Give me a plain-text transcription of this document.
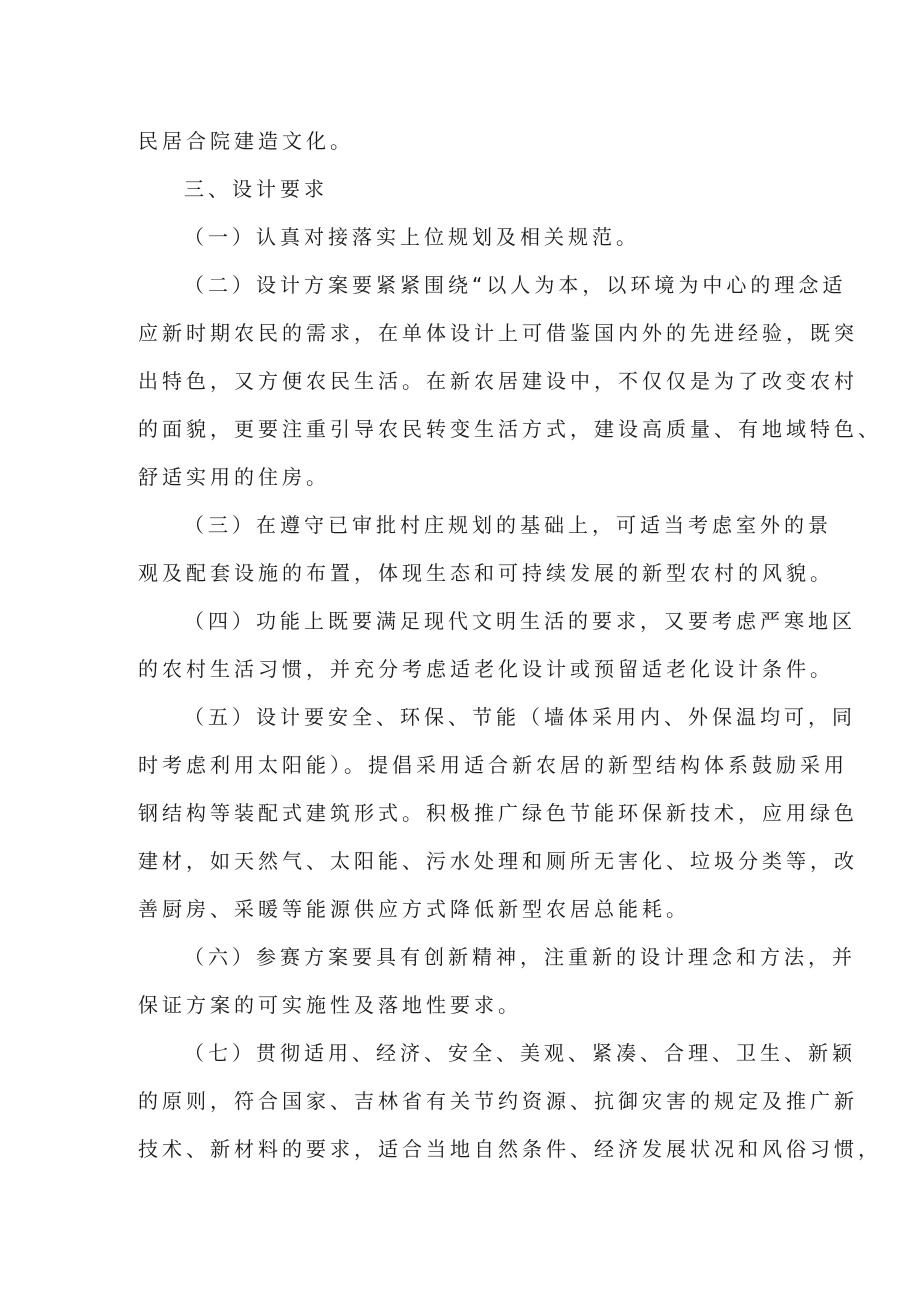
民居合院建造文化。
三、设计要求
（一）认真对接落实上位规划及相关规范。
（二）设计方案要紧紧围绕“以人为本，以环境为中心的理念适
应新时期农民的需求，在单体设计上可借鉴国内外的先进经验，既突
出特色，又方便农民生活。在新农居建设中，不仅仅是为了改变农村
的面貌，更要注重引导农民转变生活方式，建设高质量、有地域特色、
舒适实用的住房。
（三）在遵守已审批村庄规划的基础上，可适当考虑室外的景
观及配套设施的布置，体现生态和可持续发展的新型农村的风貌。
（四）功能上既要满足现代文明生活的要求，又要考虑严寒地区
的农村生活习惯，并充分考虑适老化设计或预留适老化设计条件。
（五）设计要安全、环保、节能（墙体采用内、外保温均可，同
时考虑利用太阳能）。提倡采用适合新农居的新型结构体系鼓励采用
钢结构等装配式建筑形式。积极推广绿色节能环保新技术，应用绿色
建材，如天然气、太阳能、污水处理和厕所无害化、垃圾分类等，改
善厨房、采暖等能源供应方式降低新型农居总能耗。
（六）参赛方案要具有创新精神，注重新的设计理念和方法，并
保证方案的可实施性及落地性要求。
（七）贯彻适用、经济、安全、美观、紧凑、合理、卫生、新颖
的原则，符合国家、吉林省有关节约资源、抗御灾害的规定及推广新
技术、新材料的要求，适合当地自然条件、经济发展状况和风俗习惯，
